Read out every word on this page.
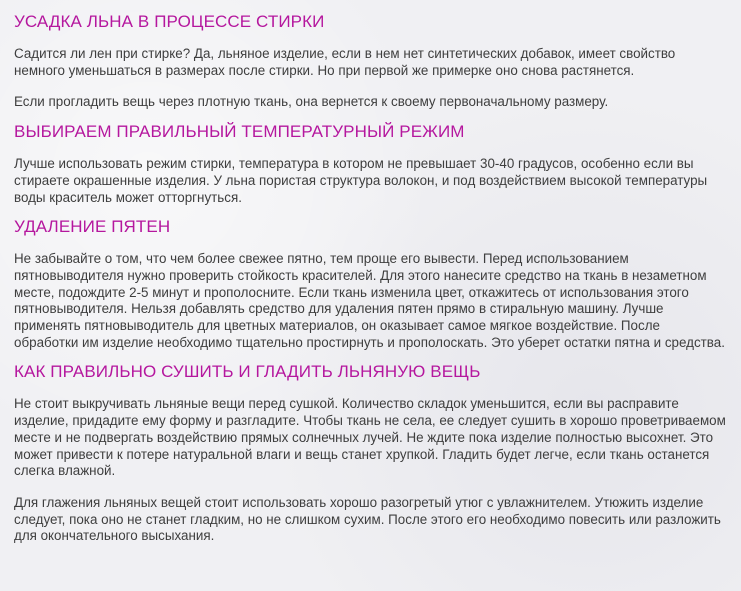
УСАДКА ЛЬНА В ПРОЦЕССЕ СТИРКИ

Садится ли лен при стирке? Да, льняное изделие, если в нем нет синтетических добавок, имеет свойство немного уменьшаться в размерах после стирки. Но при первой же примерке оно снова растянется.

Если прогладить вещь через плотную ткань, она вернется к своему первоначальному размеру.

ВЫБИРАЕМ ПРАВИЛЬНЫЙ ТЕМПЕРАТУРНЫЙ РЕЖИМ

Лучше использовать режим стирки, температура в котором не превышает 30-40 градусов, особенно если вы стираете окрашенные изделия. У льна пористая структура волокон, и под воздействием высокой температуры воды краситель может отторгнуться.

УДАЛЕНИЕ ПЯТЕН

Не забывайте о том, что чем более свежее пятно, тем проще его вывести. Перед использованием пятновыводителя нужно проверить стойкость красителей. Для этого нанесите средство на ткань в незаметном месте, подождите 2-5 минут и прополосните. Если ткань изменила цвет, откажитесь от использования этого пятновыводителя. Нельзя добавлять средство для удаления пятен прямо в стиральную машину. Лучше применять пятновыводитель для цветных материалов, он оказывает самое мягкое воздействие. После обработки им изделие необходимо тщательно простирнуть и прополоскать. Это уберет остатки пятна и средства.

КАК ПРАВИЛЬНО СУШИТЬ И ГЛАДИТЬ ЛЬНЯНУЮ ВЕЩЬ

Не стоит выкручивать льняные вещи перед сушкой. Количество складок уменьшится, если вы расправите изделие, придадите ему форму и разгладите. Чтобы ткань не села, ее следует сушить в хорошо проветриваемом месте и не подвергать воздействию прямых солнечных лучей. Не ждите пока изделие полностью высохнет. Это может привести к потере натуральной влаги и вещь станет хрупкой. Гладить будет легче, если ткань останется слегка влажной.

Для глажения льняных вещей стоит использовать хорошо разогретый утюг с увлажнителем. Утюжить изделие следует, пока оно не станет гладким, но не слишком сухим. После этого его необходимо повесить или разложить для окончательного высыхания.
